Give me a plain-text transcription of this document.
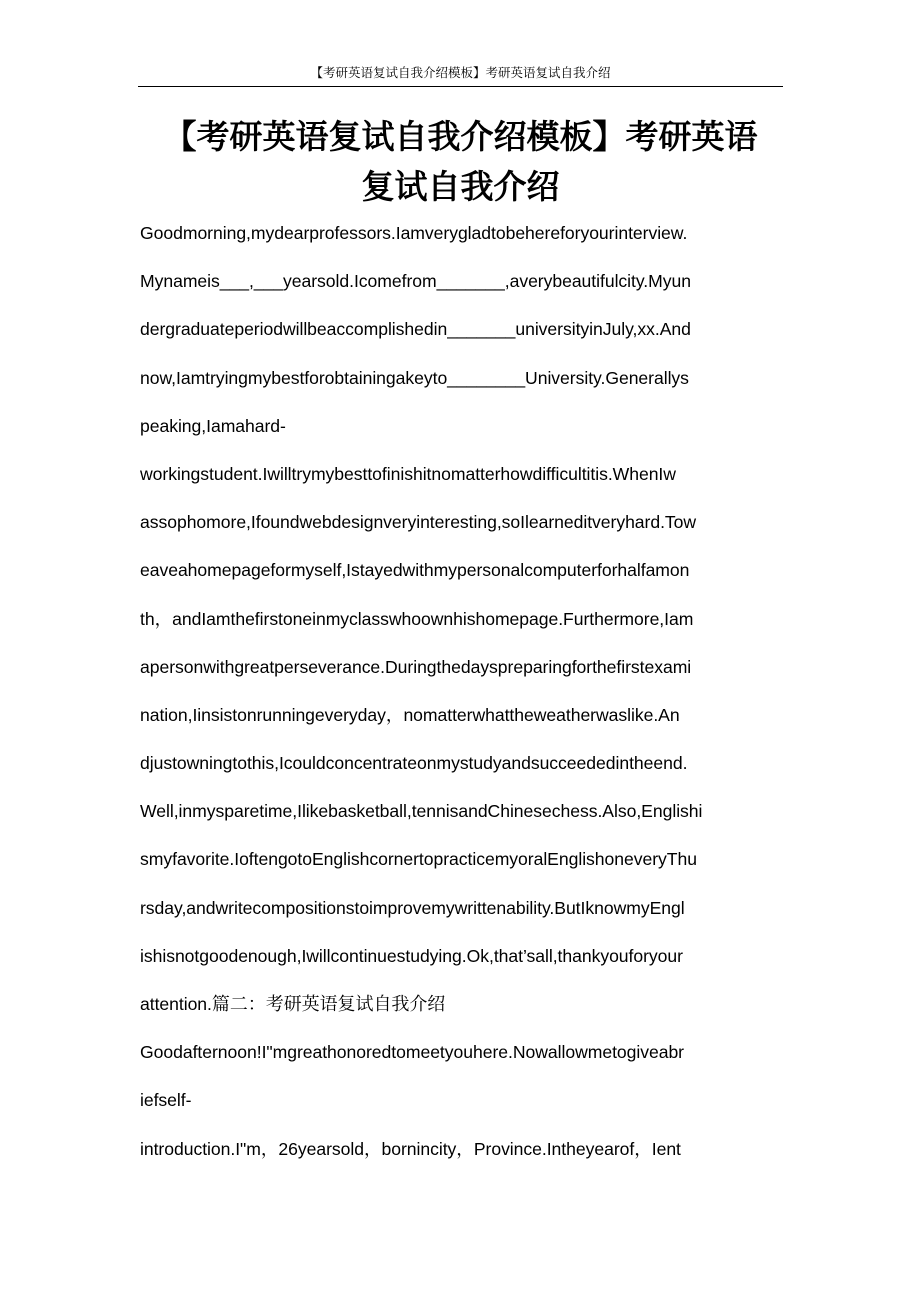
【考研英语复试自我介绍模板】考研英语复试自我介绍
【考研英语复试自我介绍模板】考研英语
复试自我介绍
Goodmorning,mydearprofessors.Iamverygladtobehereforyourinterview.
Mynameis___,___yearsold.Icomefrom_______,averybeautifulcity.Myun
dergraduateperiodwillbeaccomplishedin_______universityinJuly,xx.And
now,Iamtryingmybestforobtainingakeyto________University.Generallys
peaking,Iamahard-
workingstudent.Iwilltrymybesttofinishitnomatterhowdifficultitis.WhenIw
assophomore,Ifoundwebdesignveryinteresting,soIlearneditveryhard.Tow
eaveahomepageformyself,Istayedwithmypersonalcomputerforhalfamon
th，andIamthefirstoneinmyclasswhoownhishomepage.Furthermore,Iam
apersonwithgreatperseverance.Duringthedayspreparingforthefirstexami
nation,Iinsistonrunningeveryday，nomatterwhattheweatherwaslike.An
djustowningtothis,Icouldconcentrateonmystudyandsucceededintheend.
Well,inmysparetime,Ilikebasketball,tennisandChinesechess.Also,Englishi
smyfavorite.IoftengotoEnglishcornertopracticemyoralEnglishoneveryThu
rsday,andwritecompositionstoimprovemywrittenability.ButIknowmyEngl
ishisnotgoodenough,Iwillcontinuestudying.Ok,that’sall,thankyouforyour
attention.篇二：考研英语复试自我介绍
Goodafternoon!I"mgreathonoredtomeetyouhere.Nowallowmetogiveabr
iefself-
introduction.I"m，26yearsold，bornincity，Province.Intheyearof，Ient
